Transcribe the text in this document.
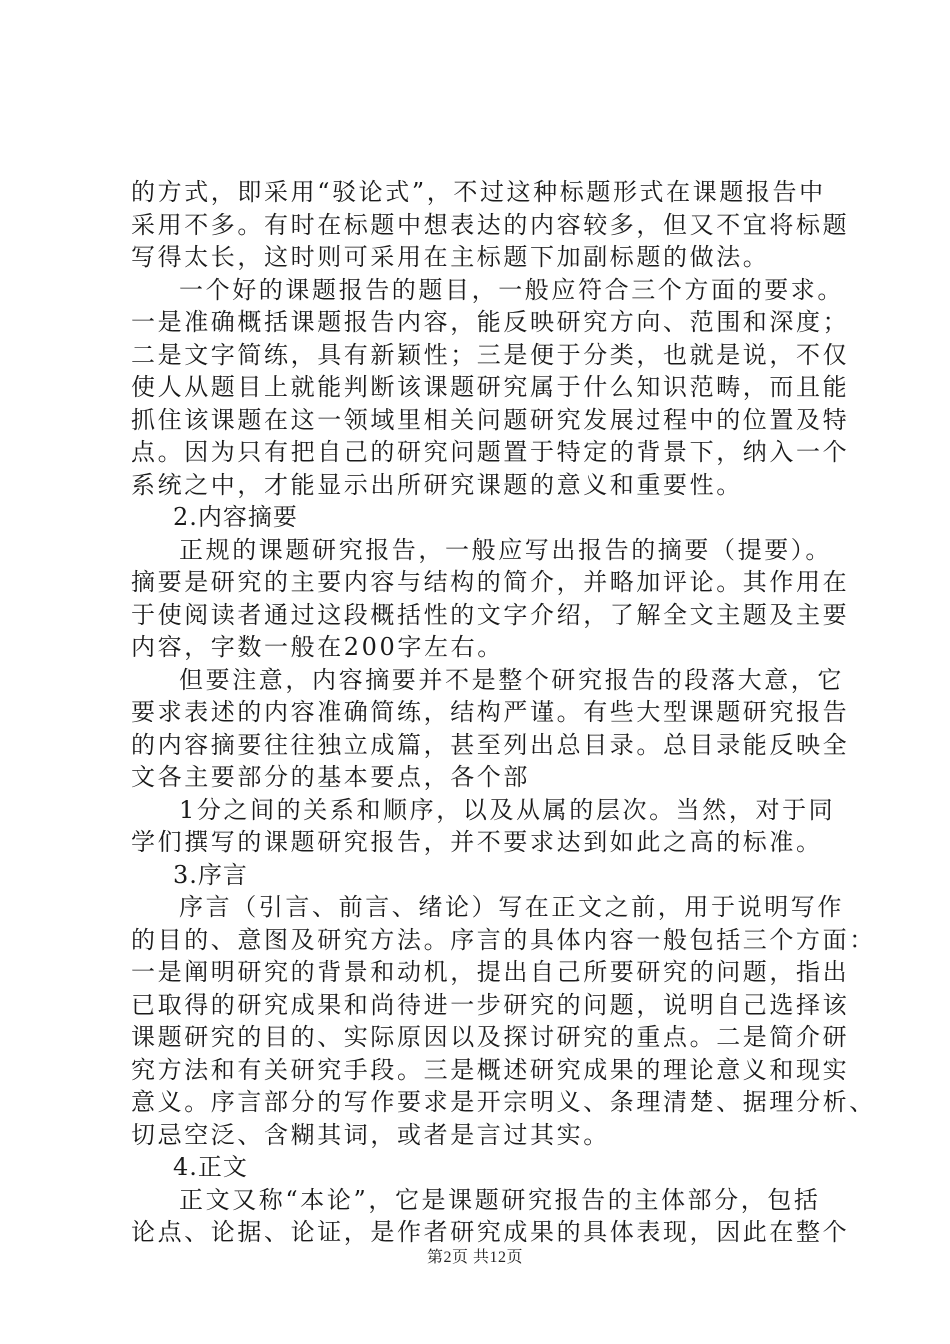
的方式，即采用“驳论式”，不过这种标题形式在课题报告中
采用不多。有时在标题中想表达的内容较多，但又不宜将标题
写得太长，这时则可采用在主标题下加副标题的做法。
一个好的课题报告的题目，一般应符合三个方面的要求。
一是准确概括课题报告内容，能反映研究方向、范围和深度；
二是文字简练，具有新颖性；三是便于分类，也就是说，不仅
使人从题目上就能判断该课题研究属于什么知识范畴，而且能
抓住该课题在这一领域里相关问题研究发展过程中的位置及特
点。因为只有把自己的研究问题置于特定的背景下，纳入一个
系统之中，才能显示出所研究课题的意义和重要性。
2.内容摘要
正规的课题研究报告，一般应写出报告的摘要（提要）。
摘要是研究的主要内容与结构的简介，并略加评论。其作用在
于使阅读者通过这段概括性的文字介绍，了解全文主题及主要
内容，字数一般在200字左右。
但要注意，内容摘要并不是整个研究报告的段落大意，它
要求表述的内容准确简练，结构严谨。有些大型课题研究报告
的内容摘要往往独立成篇，甚至列出总目录。总目录能反映全
文各主要部分的基本要点，各个部
1分之间的关系和顺序，以及从属的层次。当然，对于同
学们撰写的课题研究报告，并不要求达到如此之高的标准。
3.序言
序言（引言、前言、绪论）写在正文之前，用于说明写作
的目的、意图及研究方法。序言的具体内容一般包括三个方面：
一是阐明研究的背景和动机，提出自己所要研究的问题，指出
已取得的研究成果和尚待进一步研究的问题，说明自己选择该
课题研究的目的、实际原因以及探讨研究的重点。二是简介研
究方法和有关研究手段。三是概述研究成果的理论意义和现实
意义。序言部分的写作要求是开宗明义、条理清楚、据理分析、
切忌空泛、含糊其词，或者是言过其实。
4.正文
正文又称“本论”，它是课题研究报告的主体部分，包括
论点、论据、论证，是作者研究成果的具体表现，因此在整个
第2页 共12页
